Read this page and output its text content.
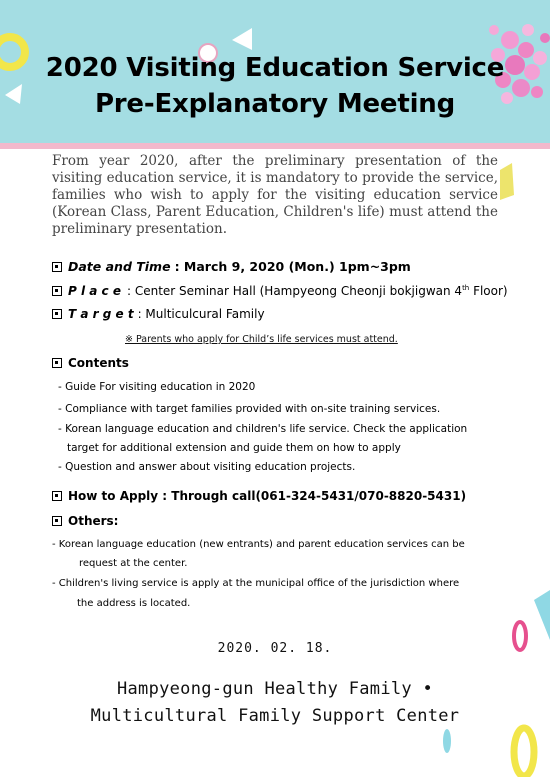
2020 Visiting Education Service
Pre-Explanatory Meeting
From year 2020, after the preliminary presentation of the visiting education service, it is mandatory to provide the service, families who wish to apply for the visiting education service (Korean Class, Parent Education, Children's life) must attend the preliminary presentation.
Date and Time : March 9, 2020 (Mon.) 1pm~3pm
P l a c e : Center Seminar Hall (Hampyeong Cheonji bokjigwan 4th Floor)
T a r g e t : Multiculcural Family
※ Parents who apply for Child’s life services must attend.
Contents
- Guide For visiting education in 2020
- Compliance with target families provided with on-site training services.
- Korean language education and children's life service. Check the application
target for additional extension and guide them on how to apply
- Question and answer about visiting education projects.
How to Apply : Through call(061-324-5431/070-8820-5431)
Others:
- Korean language education (new entrants) and parent education services can be
request at the center.
- Children's living service is apply at the municipal office of the jurisdiction where
the address is located.
2020. 02. 18.
Hampyeong-gun Healthy Family •
Multicultural Family Support Center
